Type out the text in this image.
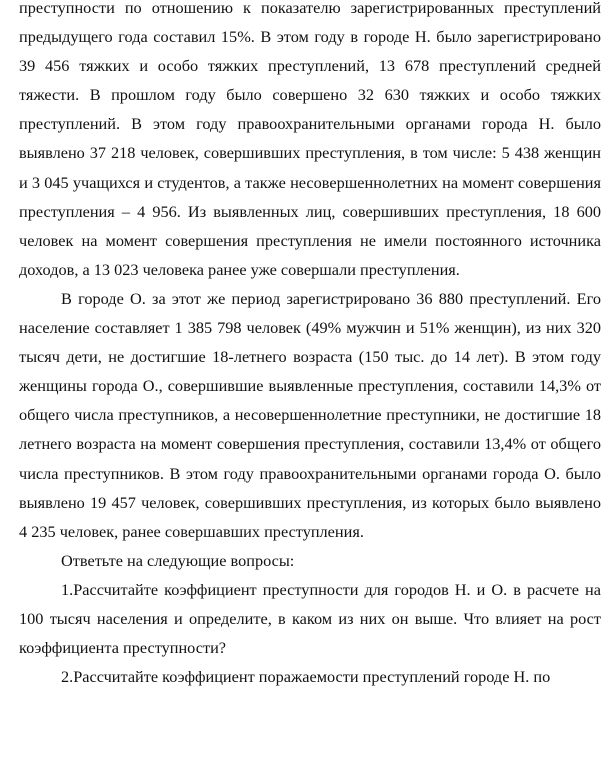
преступности по отношению к показателю зарегистрированных преступлений предыдущего года составил 15%. В этом году в городе Н. было зарегистрировано 39 456 тяжких и особо тяжких преступлений, 13 678 преступлений средней тяжести. В прошлом году было совершено 32 630 тяжких и особо тяжких преступлений. В этом году правоохранительными органами города Н. было выявлено 37 218 человек, совершивших преступления, в том числе: 5 438 женщин и 3 045 учащихся и студентов, а также несовершеннолетних на момент совершения преступления – 4 956. Из выявленных лиц, совершивших преступления, 18 600 человек на момент совершения преступления не имели постоянного источника доходов, а 13 023 человека ранее уже совершали преступления.

В городе О. за этот же период зарегистрировано 36 880 преступлений. Его население составляет 1 385 798 человек (49% мужчин и 51% женщин), из них 320 тысяч дети, не достигшие 18-летнего возраста (150 тыс. до 14 лет). В этом году женщины города О., совершившие выявленные преступления, составили 14,3% от общего числа преступников, а несовершеннолетние преступники, не достигшие 18 летнего возраста на момент совершения преступления, составили 13,4% от общего числа преступников. В этом году правоохранительными органами города О. было выявлено 19 457 человек, совершивших преступления, из которых было выявлено 4 235 человек, ранее совершавших преступления.

Ответьте на следующие вопросы:

1.Рассчитайте коэффициент преступности для городов Н. и О. в расчете на 100 тысяч населения и определите, в каком из них он выше. Что влияет на рост коэффициента преступности?

2.Рассчитайте коэффициент поражаемости преступлений городе Н. по
